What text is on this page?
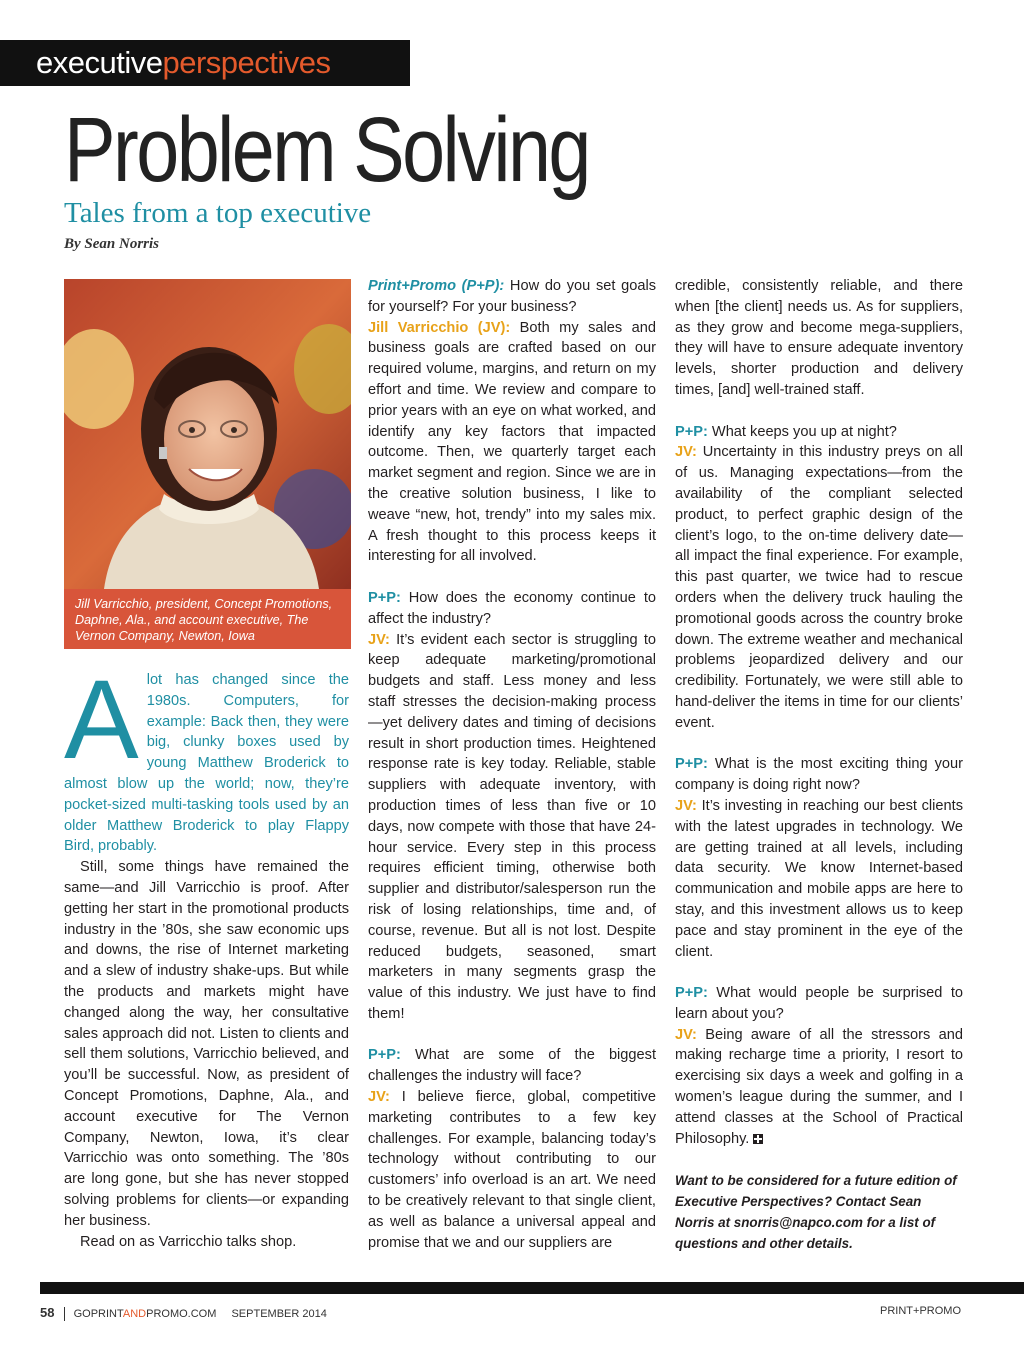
executiveperspectives
Problem Solving
Tales from a top executive
By Sean Norris
Jill Varricchio, president, Concept Promotions, Daphne, Ala., and account executive, The Vernon Company, Newton, Iowa

Alot has changed since the 1980s. Computers, for example: Back then, they were big, clunky boxes used by young Matthew Broderick to almost blow up the world; now, they’re pocket-sized multi-tasking tools used by an older Matthew Broderick to play Flappy Bird, probably.

Still, some things have remained the same—and Jill Varricchio is proof. After getting her start in the promotional products industry in the ’80s, she saw economic ups and downs, the rise of Internet marketing and a slew of industry shake-ups. But while the products and markets might have changed along the way, her consultative sales approach did not. Listen to clients and sell them solutions, Varricchio believed, and you’ll be successful. Now, as president of Concept Promotions, Daphne, Ala., and account executive for The Vernon Company, Newton, Iowa, it’s clear Varricchio was onto something. The ’80s are long gone, but she has never stopped solving problems for clients—or expanding her business.

Read on as Varricchio talks shop.

Print+Promo (P+P): How do you set goals for yourself? For your business?

Jill Varricchio (JV): Both my sales and business goals are crafted based on our required volume, margins, and return on my effort and time. We review and compare to prior years with an eye on what worked, and identify any key factors that impacted outcome. Then, we quarterly target each market segment and region. Since we are in the creative solution business, I like to weave “new, hot, trendy” into my sales mix. A fresh thought to this process keeps it interesting for all involved.

P+P: How does the economy continue to affect the industry?

JV: It’s evident each sector is struggling to keep adequate marketing/promotional budgets and staff. Less money and less staff stresses the decision-making process—yet delivery dates and timing of decisions result in short production times. Heightened response rate is key today. Reliable, stable suppliers with adequate inventory, with production times of less than five or 10 days, now compete with those that have 24-hour service. Every step in this process requires efficient timing, otherwise both supplier and distributor/salesperson run the risk of losing relationships, time and, of course, revenue. But all is not lost. Despite reduced budgets, seasoned, smart marketers in many segments grasp the value of this industry. We just have to find them!

P+P: What are some of the biggest challenges the industry will face?

JV: I believe fierce, global, competitive marketing contributes to a few key challenges. For example, balancing today’s technology without contributing to our customers’ info overload is an art. We need to be creatively relevant to that single client, as well as balance a universal appeal and promise that we and our suppliers are

credible, consistently reliable, and there when [the client] needs us. As for suppliers, as they grow and become mega-suppliers, they will have to ensure adequate inventory levels, shorter production and delivery times, [and] well-trained staff.

P+P: What keeps you up at night?

JV: Uncertainty in this industry preys on all of us. Managing expectations—from the availability of the compliant selected product, to perfect graphic design of the client’s logo, to the on-time delivery date—all impact the final experience. For example, this past quarter, we twice had to rescue orders when the delivery truck hauling the promotional goods across the country broke down. The extreme weather and mechanical problems jeopardized delivery and our credibility. Fortunately, we were still able to hand-deliver the items in time for our clients’ event.

P+P: What is the most exciting thing your company is doing right now?

JV: It’s investing in reaching our best clients with the latest upgrades in technology. We are getting trained at all levels, including data security. We know Internet-based communication and mobile apps are here to stay, and this investment allows us to keep pace and stay prominent in the eye of the client.

P+P: What would people be surprised to learn about you?

JV: Being aware of all the stressors and making recharge time a priority, I resort to exercising six days a week and golfing in a women’s league during the summer, and I attend classes at the School of Practical Philosophy.

Want to be considered for a future edition of Executive Perspectives? Contact Sean Norris at snorris@napco.com for a list of questions and other details.

58 GOPRINTANDPROMO.COM SEPTEMBER 2014	PRINT+PROMO
